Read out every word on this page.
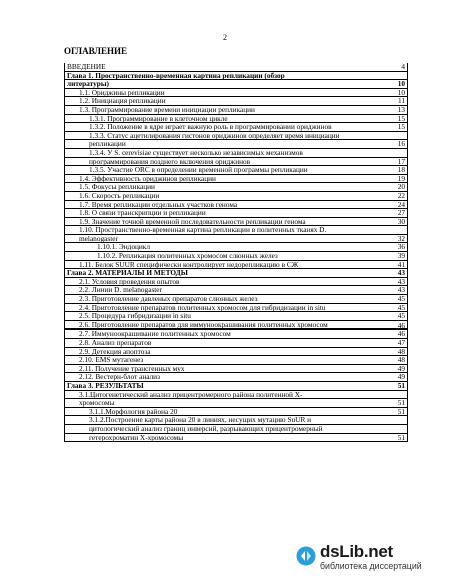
2
ОГЛАВЛЕНИЕ
ВВЕДЕНИЕ	4
Глава 1. Пространственно-временная картина репликации (обзор
литературы)	10
1.1. Ориджины репликации	10
1.2. Инициация репликации	11
1.3. Программирование времени инициации репликации	13
1.3.1. Программирование в клеточном цикле	15
1.3.2. Положение в ядре играет важную роль в программировании ориджинов	15
1.3.3. Статус ацетилирования гистонов ориджинов определяет время инициации
репликации	16
1.3.4. У S. cerevisiae существует несколько независимых механизмов
программирования позднего включения ориджинов	17
1.3.5. Участие ORC в определении временной программы репликации	18
1.4. Эффективность ориджинов репликации	19
1.5. Фокусы репликации	20
1.6. Скорость репликации	22
1.7. Время репликации отдельных участков генома	24
1.8. О связи транскрипции и репликации	27
1.9. Значение точной временной последовательности репликации генома	30
1.10. Пространственно-временная картина репликации в политенных тканях D.
melanogaster	32
1.10.1. Эндоцикл	36
1.10.2. Репликация политенных хромосом слюнных желез	39
1.11. Белок SUUR специфически контролирует недорепликацию в СЖ	41
Глава 2. МАТЕРИАЛЫ И МЕТОДЫ	43
2.1. Условия проведения опытов	43
2.2. Линии D. melanogaster	43
2.3. Приготовление давленых препаратов слюнных желез	45
2.4. Приготовление препаратов политенных хромосом для гибридизации in situ	45
2.5. Процедура гибридизации in situ	45
2.6. Приготовление препаратов для иммуноокрашивания политенных хромосом	46
2.7. Иммуноокрашивание политенных хромосом	46
2.8. Анализ препаратов	47
2.9. Детекция апоптоза	48
2.10. EMS мутагенез	48
2.11. Получение трансгенных мух	49
2.12. Вестерн-блот анализ	49
Глава 3. РЕЗУЛЬТАТЫ	51
3.1.Цитогенетический анализ прицентромерного района политенной X-
хромосомы	51
3.1.1.Морфология района 20	51
3.1.2.Построение карты района 20 в линиях, несущих мутацию SuUR и
цитологический анализ границ инверсий, разрывающих прицентромерный
гетерохроматин X-хромосомы	51
dsLib.net
библиотека диссертаций
